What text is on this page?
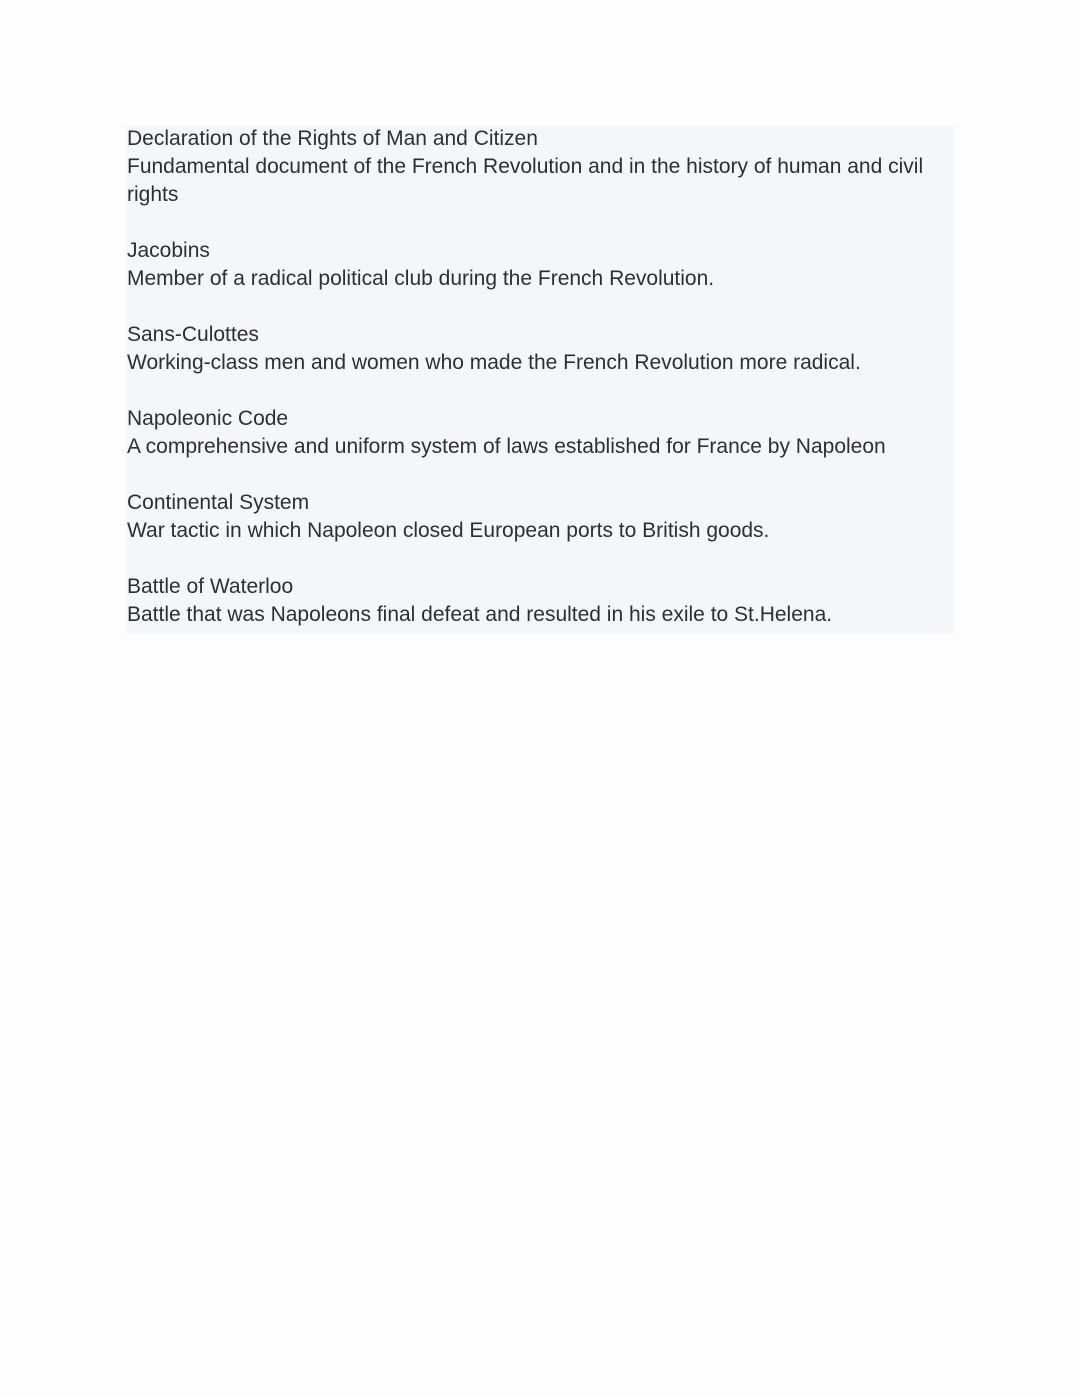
Declaration of the Rights of Man and Citizen

Fundamental document of the French Revolution and in the history of human and civil rights

Jacobins

Member of a radical political club during the French Revolution.

Sans-Culottes

Working-class men and women who made the French Revolution more radical.

Napoleonic Code

A comprehensive and uniform system of laws established for France by Napoleon

Continental System

War tactic in which Napoleon closed European ports to British goods.

Battle of Waterloo

Battle that was Napoleons final defeat and resulted in his exile to St.Helena.
